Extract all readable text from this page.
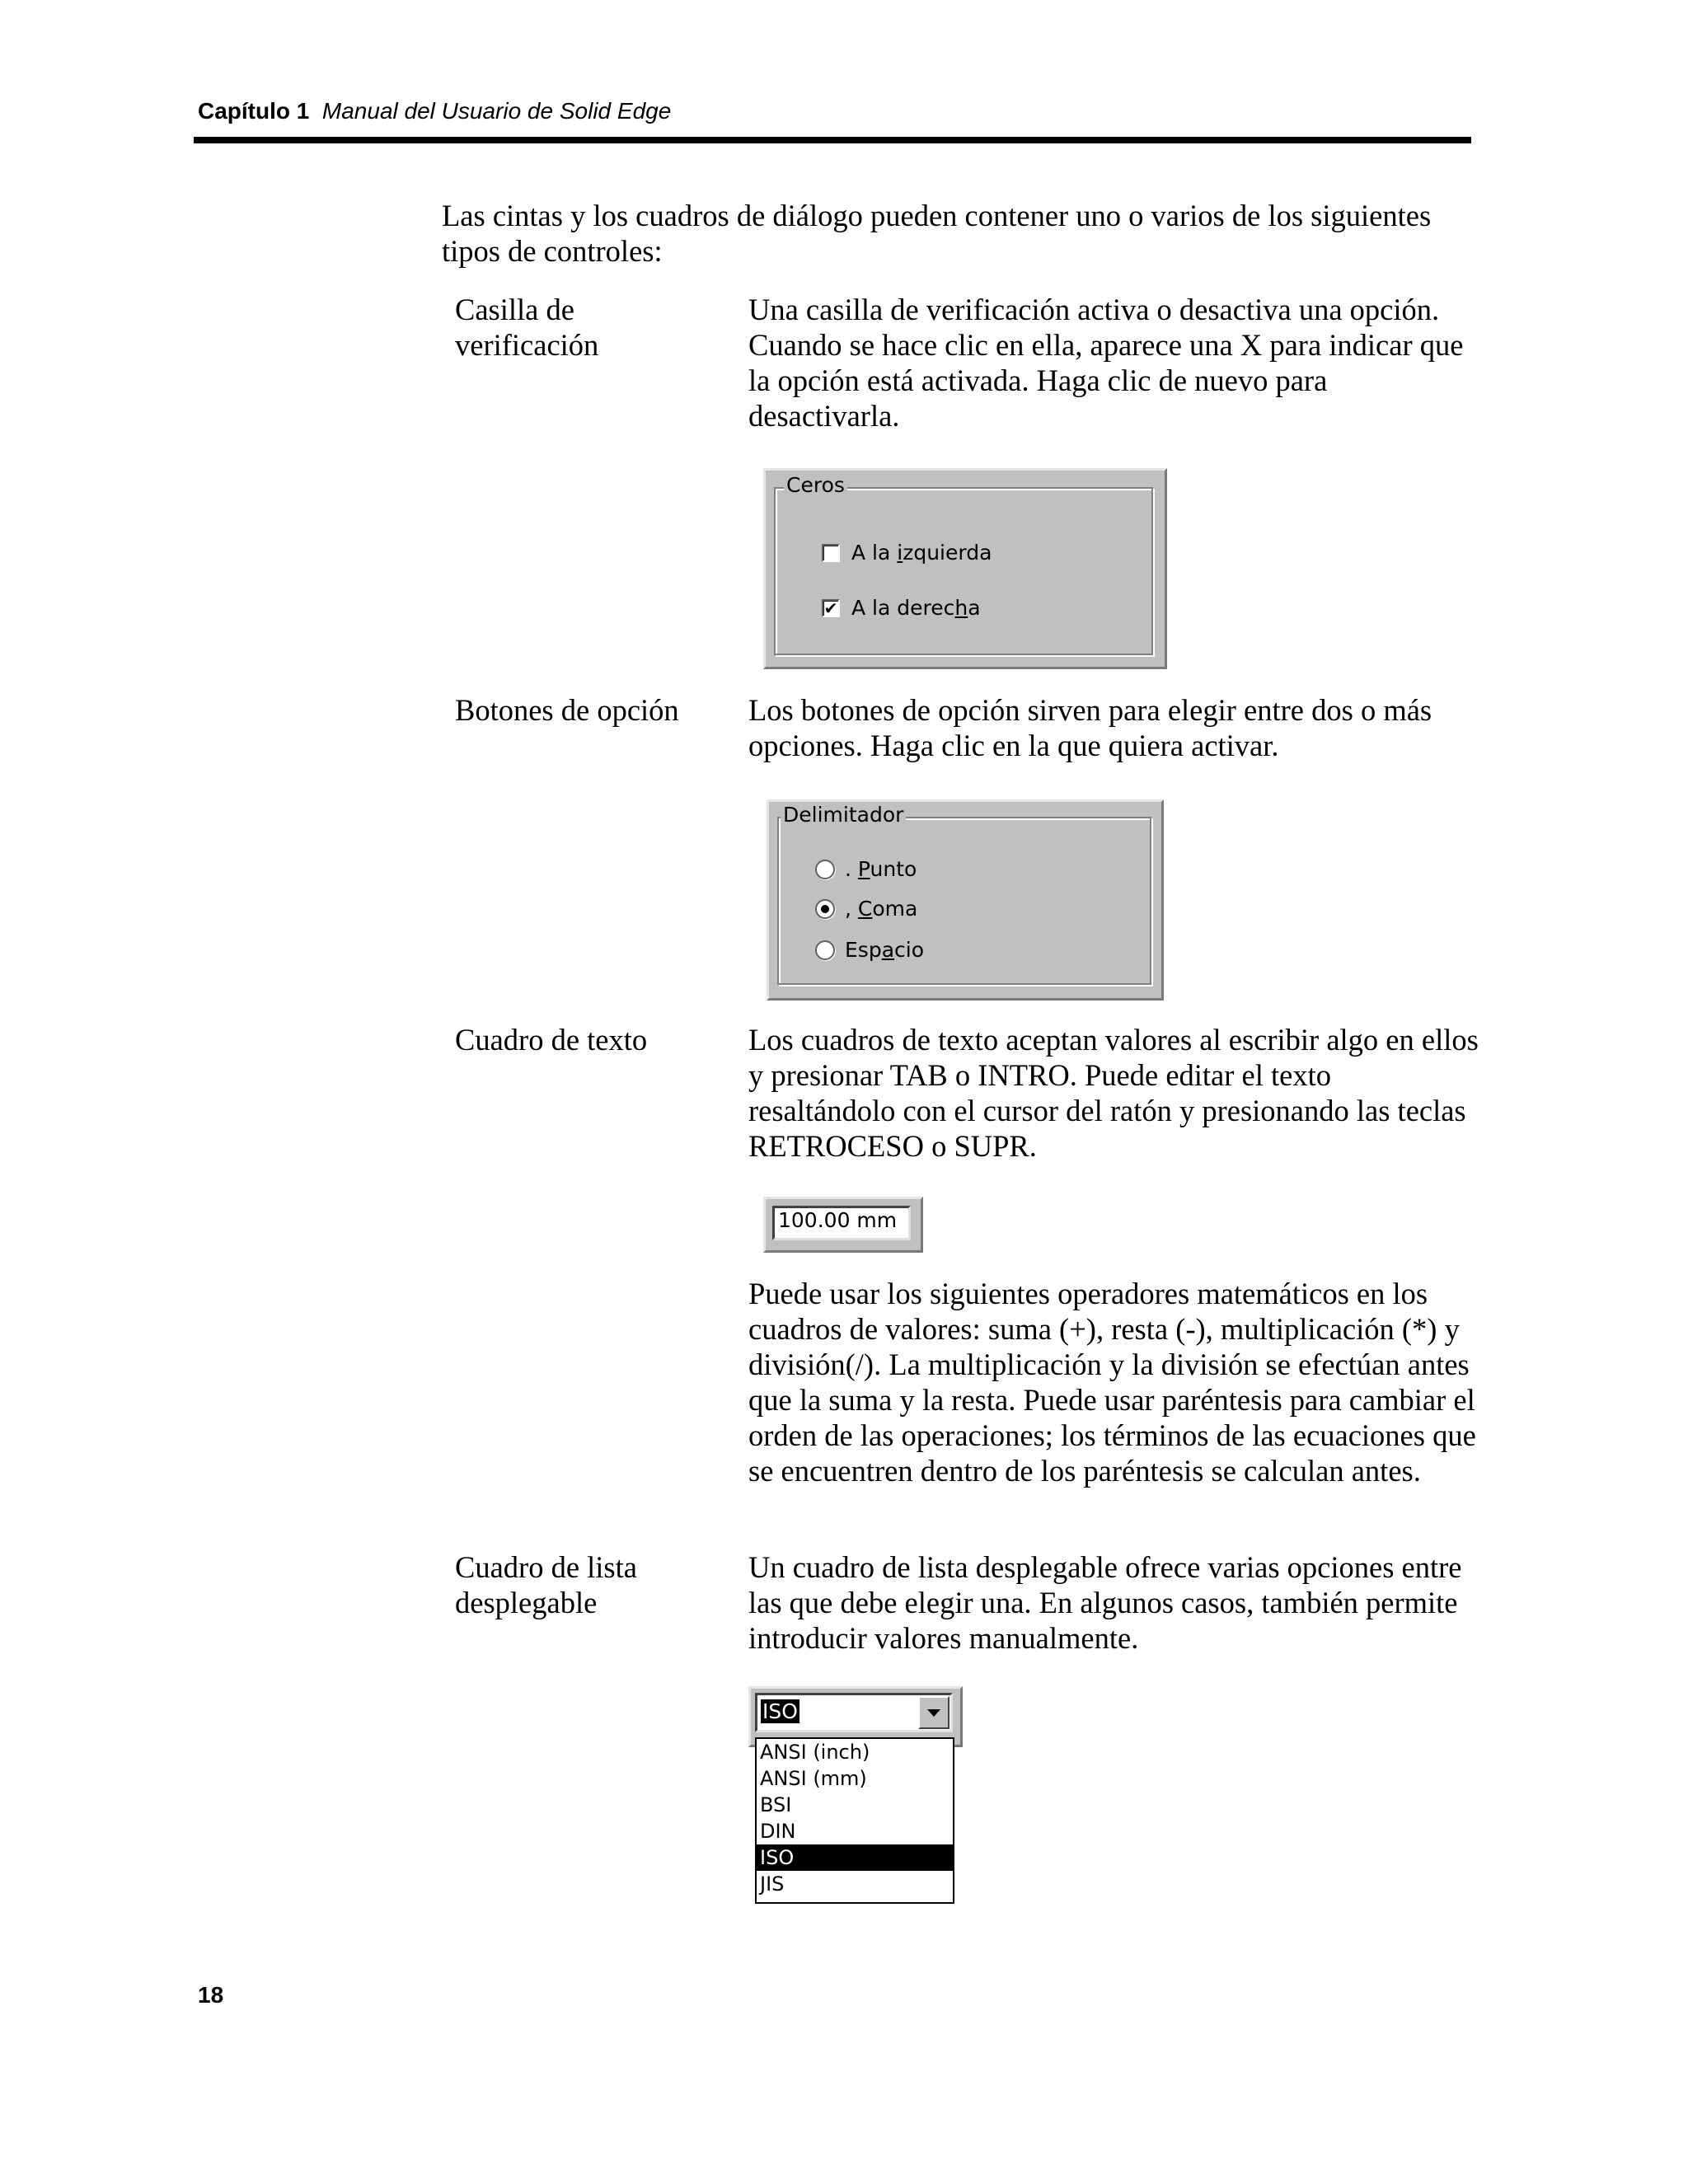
Capítulo 1 Manual del Usuario de Solid Edge
Las cintas y los cuadros de diálogo pueden contener uno o varios de los siguientes tipos de controles:
Casilla de
verificación
Una casilla de verificación activa o desactiva una opción. Cuando se hace clic en ella, aparece una X para indicar que la opción está activada. Haga clic de nuevo para desactivarla.
Ceros
A la izquierda
✔ A la derecha
Botones de opción	Los botones de opción sirven para elegir entre dos o más opciones. Haga clic en la que quiera activar.
Delimitador
. Punto
, Coma
Espacio
Cuadro de texto	Los cuadros de texto aceptan valores al escribir algo en ellos y presionar TAB o INTRO. Puede editar el texto resaltándolo con el cursor del ratón y presionando las teclas RETROCESO o SUPR.
100.00 mm
Puede usar los siguientes operadores matemáticos en los cuadros de valores: suma (+), resta (-), multiplicación (*) y división(/). La multiplicación y la división se efectúan antes que la suma y la resta. Puede usar paréntesis para cambiar el orden de las operaciones; los términos de las ecuaciones que se encuentren dentro de los paréntesis se calculan antes.
Cuadro de lista
desplegable
Un cuadro de lista desplegable ofrece varias opciones entre las que debe elegir una. En algunos casos, también permite introducir valores manualmente.
ISO
ANSI (inch)
ANSI (mm)
BSI
DIN
ISO
JIS
18
